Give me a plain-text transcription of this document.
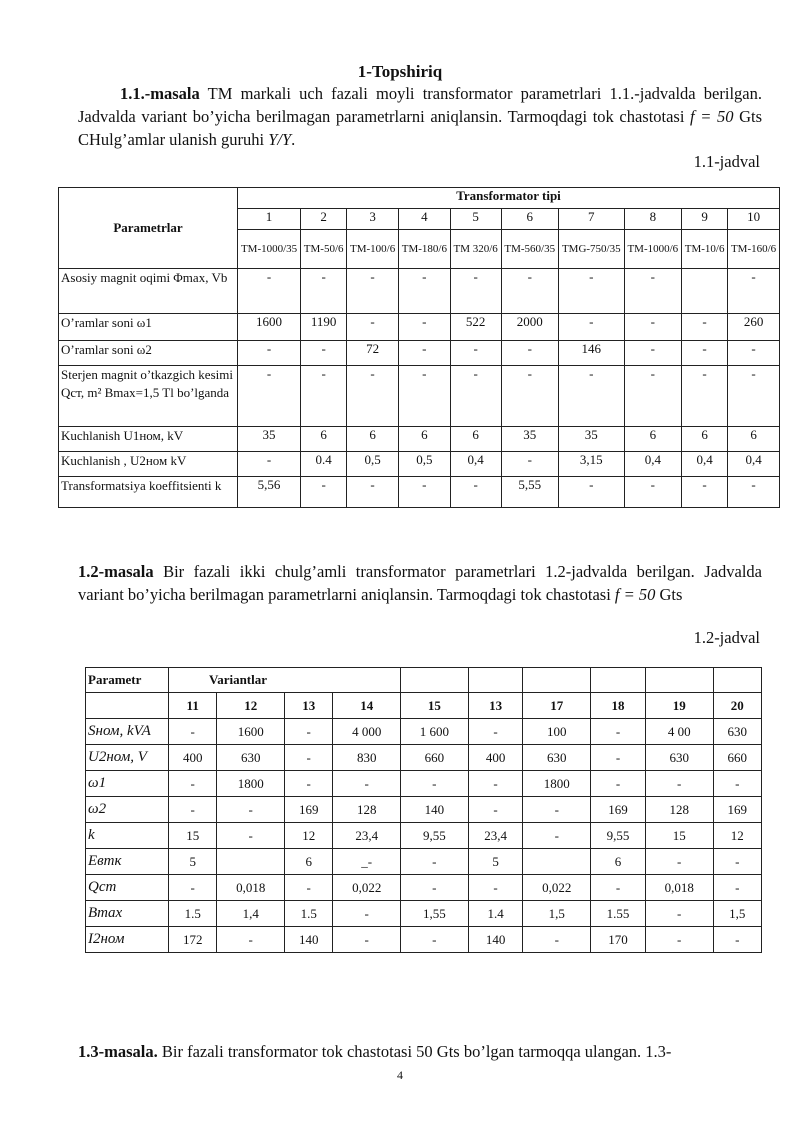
1-Topshiriq
1.1.-masala TM markali uch fazali moyli transformator parametrlari 1.1.-jadvalda berilgan. Jadvalda variant bo’yicha berilmagan parametrlarni aniqlansin. Tarmoqdagi tok chastotasi f = 50 Gts CHulg’amlar ulanish guruhi Y/Y.
1.1-jadval
Parametrlar	Transformator tipi									
	1	2	3	4	5	6	7	8	9	10
	TM-1000/35	TM-50/6	TM-100/6	TM-180/6	TM 320/6	TM-560/35	TMG-750/35	TM-1000/6	TM-10/6	TM-160/6
Asosiy magnit oqimi Φmax, Vb	-	-	-	-	-	-	-	-		-
O’ramlar soni ω1	1600	1190	-	-	522	2000	-	-	-	260
O’ramlar soni ω2	-	-	72	-	-	-	146	-	-	-
Sterjen magnit o’tkazgich kesimi Qст, m² Bmax=1,5 Tl bo’lganda	-	-	-	-	-	-	-	-	-	-
Kuchlanish U1ном, kV	35	6	6	6	6	35	35	6	6	6
Kuchlanish , U2ном kV	-	0.4	0,5	0,5	0,4	-	3,15	0,4	0,4	0,4
Transformatsiya koeffitsienti k	5,56	-	-	-	-	5,55	-	-	-	-
1.2-masala Bir fazali ikki chulg’amli transformator parametrlari 1.2-jadvalda berilgan. Jadvalda variant bo’yicha berilmagan parametrlarni aniqlansin. Tarmoqdagi tok chastotasi f = 50 Gts
1.2-jadval
Parametr	Variantlar									
	11	12	13	14	15	13	17	18	19	20
Sном, kVA	-	1600	-	4 000	1 600	-	100	-	4 00	630
U2ном, V	400	630	-	830	660	400	630	-	630	660
ω1	-	1800	-	-	-	-	1800	-	-	-
ω2	-	-	169	128	140	-	-	169	128	169
k	15	-	12	23,4	9,55	23,4	-	9,55	15	12
Eвтк	5		6	_-	-	5		6	-	-
Qст	-	0,018	-	0,022	-	-	0,022	-	0,018	-
Bmax	1.5	1,4	1.5	-	1,55	1.4	1,5	1.55	-	1,5
I2ном	172	-	140	-	-	140	-	170	-	-
1.3-masala. Bir fazali transformator tok chastotasi 50 Gts bo’lgan tarmoqqa ulangan. 1.3-
4
